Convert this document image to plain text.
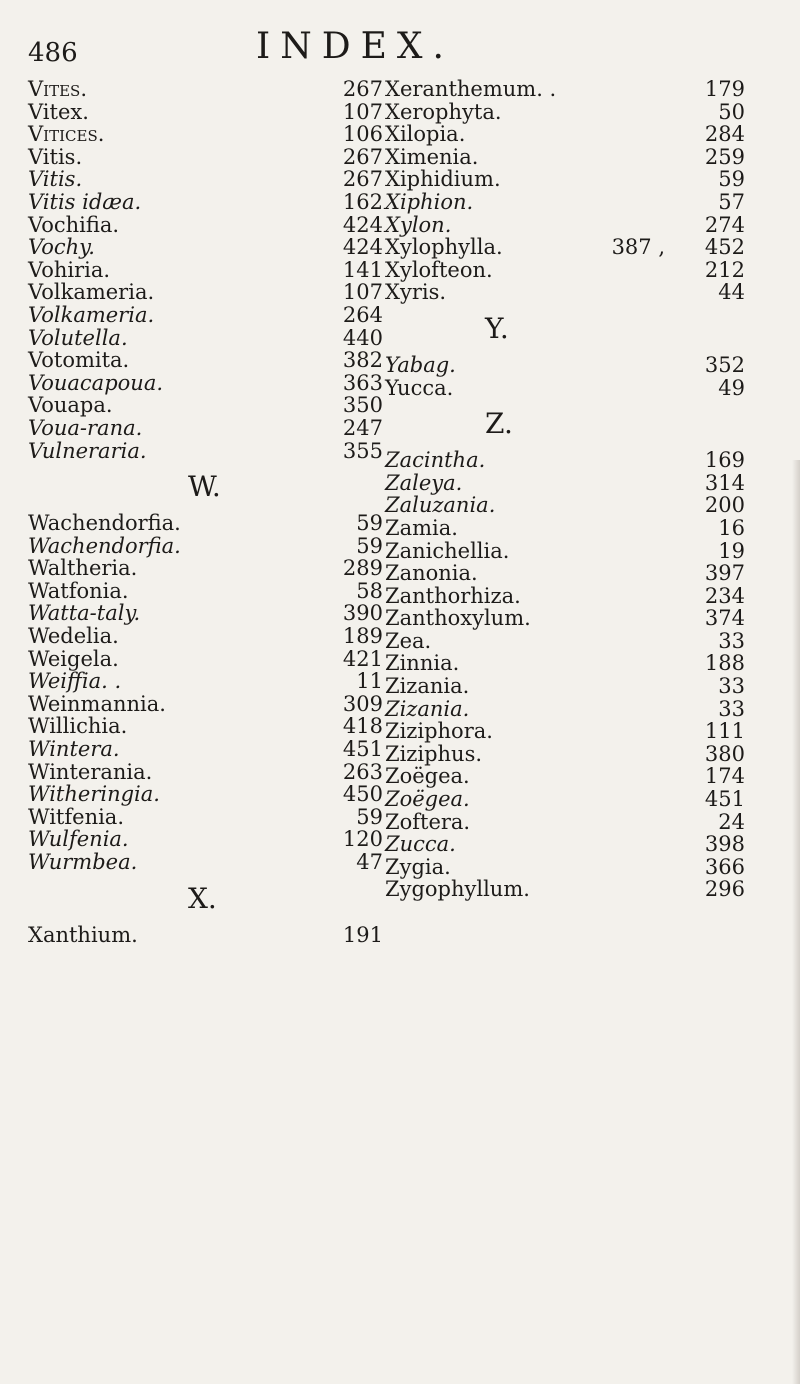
486	INDEX.
Vites.	267
Vitex.	107
Vitices.	106
Vitis.	267
Vitis.	267
Vitis idæa.	162
Vochifia.	424
Vochy.	424
Vohiria.	141
Volkameria.	107
Volkameria.	264
Volutella.	440
Votomita.	382
Vouacapoua.	363
Vouapa.	350
Voua-rana.	247
Vulneraria.	355
W.
Wachendorfia.	59
Wachendorfia.	59
Waltheria.	289
Watfonia.	58
Watta-taly.	390
Wedelia.	189
Weigela.	421
Weiffia. .	11
Weinmannia.	309
Willichia.	418
Wintera.	451
Winterania.	263
Witheringia.	450
Witfenia.	59
Wulfenia.	120
Wurmbea.	47
X.
Xanthium.	191
Xeranthemum. .	179
Xerophyta.	50
Xilopia.	284
Ximenia.	259
Xiphidium.	59
Xiphion.	57
Xylon.	274
Xylophylla.	387 , 452
Xylofteon.	212
Xyris.	44
Y.
Yabag.	352
Yucca.	49
Z.
Zacintha.	169
Zaleya.	314
Zaluzania.	200
Zamia.	16
Zanichellia.	19
Zanonia.	397
Zanthorhiza.	234
Zanthoxylum.	374
Zea.	33
Zinnia.	188
Zizania.	33
Zizania.	33
Ziziphora.	111
Ziziphus.	380
Zoëgea.	174
Zoëgea.	451
Zoftera.	24
Zucca.	398
Zygia.	366
Zygophyllum.	296
